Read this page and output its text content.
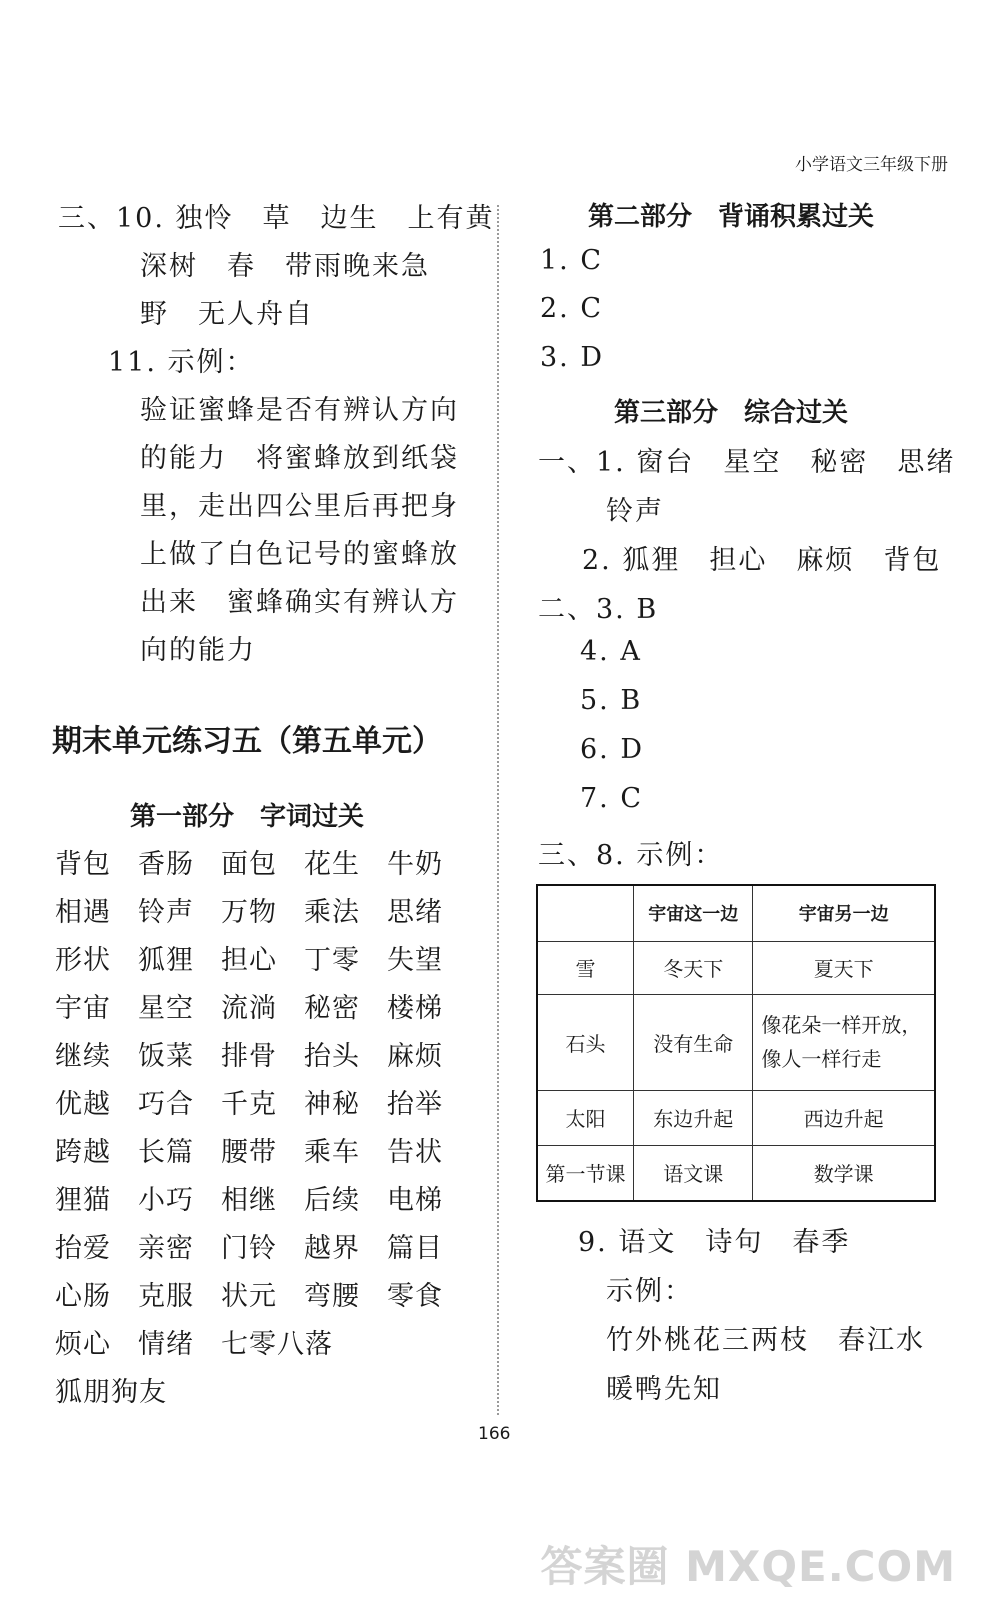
小学语文三年级下册
三、10. 独怜　草　边生　上有黄
深树　春　带雨晚来急
野　无人舟自
11. 示例：
验证蜜蜂是否有辨认方向
的能力　将蜜蜂放到纸袋
里，走出四公里后再把身
上做了白色记号的蜜蜂放
出来　蜜蜂确实有辨认方
向的能力
期末单元练习五（第五单元）
第一部分　字词过关
背包	香肠	面包	花生	牛奶
相遇	铃声	万物	乘法	思绪
形状	狐狸	担心	丁零	失望
宇宙	星空	流淌	秘密	楼梯
继续	饭菜	排骨	抬头	麻烦
优越	巧合	千克	神秘	抬举
跨越	长篇	腰带	乘车	告状
狸猫	小巧	相继	后续	电梯
抬爱	亲密	门铃	越界	篇目
心肠	克服	状元	弯腰	零食
烦心	情绪	七零八落
狐朋狗友
第二部分　背诵积累过关
1. C
2. C
3. D
第三部分　综合过关
一、1. 窗台　星空　秘密　思绪
铃声
2. 狐狸　担心　麻烦　背包
二、3. B
4. A
5. B
6. D
7. C
三、8. 示例：
	宇宙这一边	宇宙另一边
雪	冬天下	夏天下
石头	没有生命	像花朵一样开放，
像人一样行走

太阳	东边升起	西边升起
第一节课	语文课	数学课
9. 语文　诗句　春季
示例：
竹外桃花三两枝　春江水
暖鸭先知
166
答案圈 MXQE.COM
